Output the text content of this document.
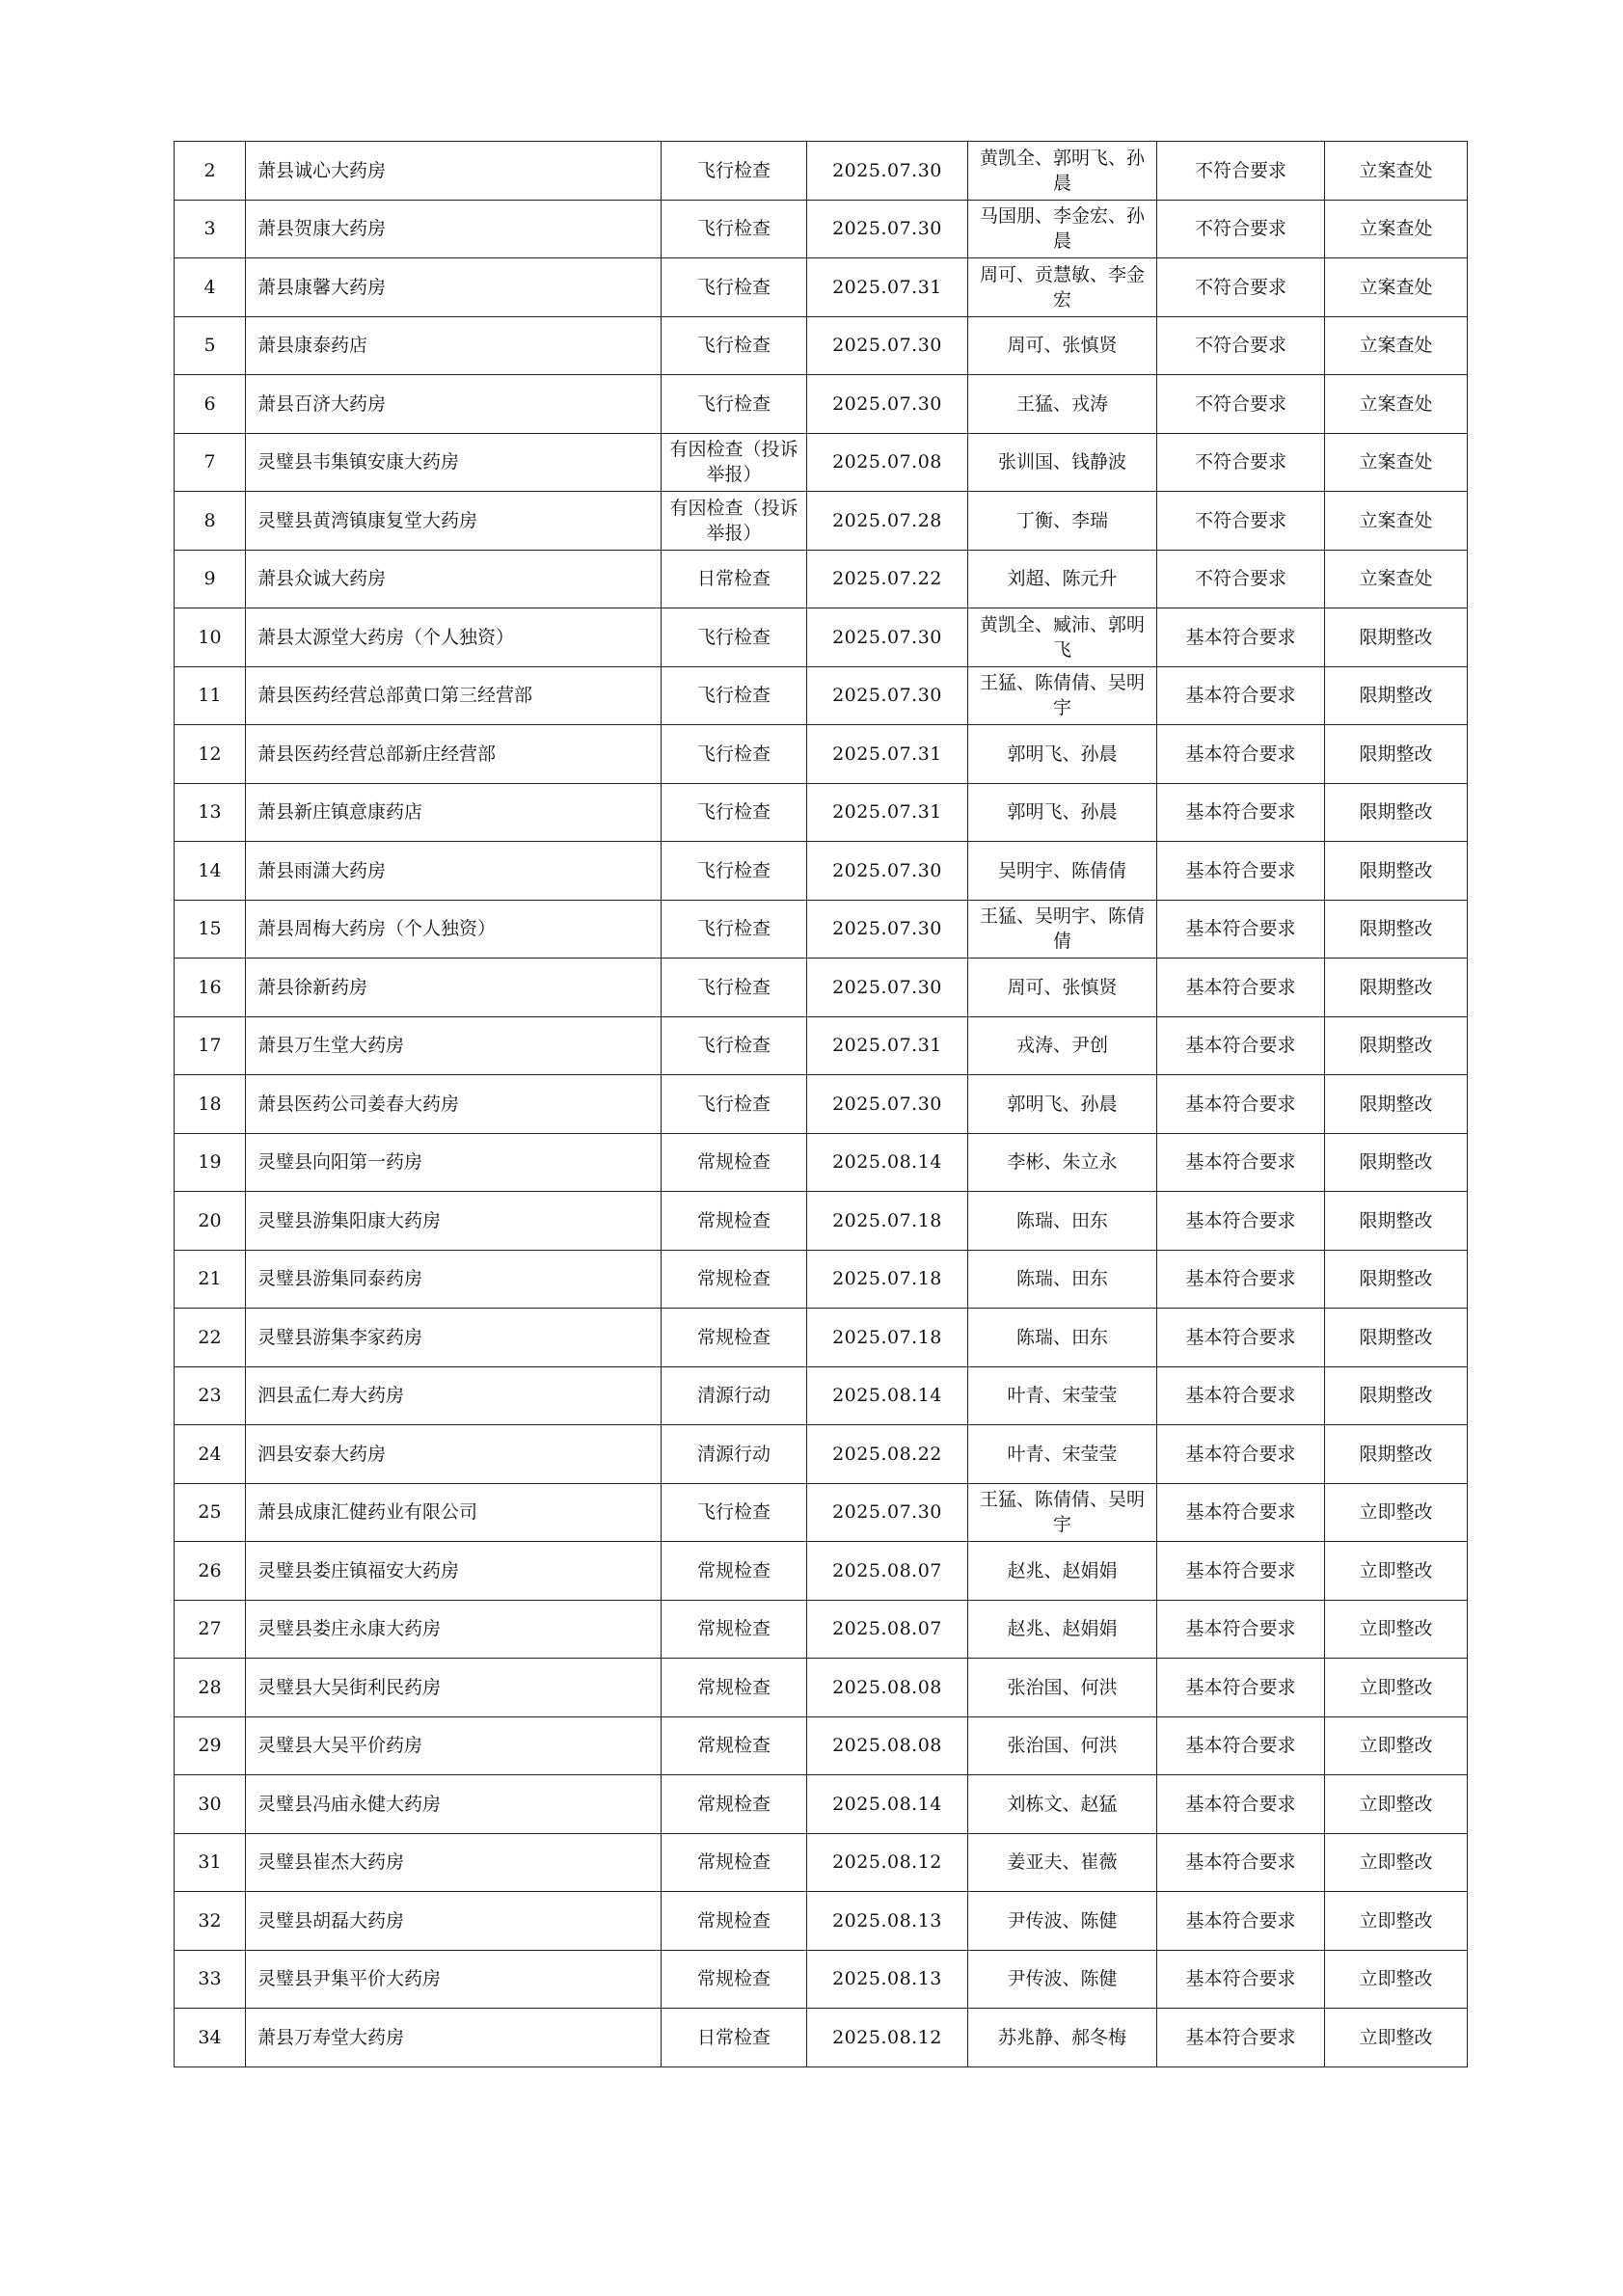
2	萧县诚心大药房	飞行检查	2025.07.30	黄凯全、郭明飞、孙晨	不符合要求	立案查处
3	萧县贺康大药房	飞行检查	2025.07.30	马国朋、李金宏、孙晨	不符合要求	立案查处
4	萧县康馨大药房	飞行检查	2025.07.31	周可、贡慧敏、李金宏	不符合要求	立案查处
5	萧县康泰药店	飞行检查	2025.07.30	周可、张慎贤	不符合要求	立案查处
6	萧县百济大药房	飞行检查	2025.07.30	王猛、戎涛	不符合要求	立案查处
7	灵璧县韦集镇安康大药房	有因检查（投诉举报）	2025.07.08	张训国、钱静波	不符合要求	立案查处
8	灵璧县黄湾镇康复堂大药房	有因检查（投诉举报）	2025.07.28	丁衡、李瑞	不符合要求	立案查处
9	萧县众诚大药房	日常检查	2025.07.22	刘超、陈元升	不符合要求	立案查处
10	萧县太源堂大药房（个人独资）	飞行检查	2025.07.30	黄凯全、臧沛、郭明飞	基本符合要求	限期整改
11	萧县医药经营总部黄口第三经营部	飞行检查	2025.07.30	王猛、陈倩倩、吴明宇	基本符合要求	限期整改
12	萧县医药经营总部新庄经营部	飞行检查	2025.07.31	郭明飞、孙晨	基本符合要求	限期整改
13	萧县新庄镇意康药店	飞行检查	2025.07.31	郭明飞、孙晨	基本符合要求	限期整改
14	萧县雨潇大药房	飞行检查	2025.07.30	吴明宇、陈倩倩	基本符合要求	限期整改
15	萧县周梅大药房（个人独资）	飞行检查	2025.07.30	王猛、吴明宇、陈倩倩	基本符合要求	限期整改
16	萧县徐新药房	飞行检查	2025.07.30	周可、张慎贤	基本符合要求	限期整改
17	萧县万生堂大药房	飞行检查	2025.07.31	戎涛、尹创	基本符合要求	限期整改
18	萧县医药公司姜春大药房	飞行检查	2025.07.30	郭明飞、孙晨	基本符合要求	限期整改
19	灵璧县向阳第一药房	常规检查	2025.08.14	李彬、朱立永	基本符合要求	限期整改
20	灵璧县游集阳康大药房	常规检查	2025.07.18	陈瑞、田东	基本符合要求	限期整改
21	灵璧县游集同泰药房	常规检查	2025.07.18	陈瑞、田东	基本符合要求	限期整改
22	灵璧县游集李家药房	常规检查	2025.07.18	陈瑞、田东	基本符合要求	限期整改
23	泗县孟仁寿大药房	清源行动	2025.08.14	叶青、宋莹莹	基本符合要求	限期整改
24	泗县安泰大药房	清源行动	2025.08.22	叶青、宋莹莹	基本符合要求	限期整改
25	萧县成康汇健药业有限公司	飞行检查	2025.07.30	王猛、陈倩倩、吴明宇	基本符合要求	立即整改
26	灵璧县娄庄镇福安大药房	常规检查	2025.08.07	赵兆、赵娟娟	基本符合要求	立即整改
27	灵璧县娄庄永康大药房	常规检查	2025.08.07	赵兆、赵娟娟	基本符合要求	立即整改
28	灵璧县大吴街利民药房	常规检查	2025.08.08	张治国、何洪	基本符合要求	立即整改
29	灵璧县大吴平价药房	常规检查	2025.08.08	张治国、何洪	基本符合要求	立即整改
30	灵璧县冯庙永健大药房	常规检查	2025.08.14	刘栋文、赵猛	基本符合要求	立即整改
31	灵璧县崔杰大药房	常规检查	2025.08.12	姜亚夫、崔薇	基本符合要求	立即整改
32	灵璧县胡磊大药房	常规检查	2025.08.13	尹传波、陈健	基本符合要求	立即整改
33	灵璧县尹集平价大药房	常规检查	2025.08.13	尹传波、陈健	基本符合要求	立即整改
34	萧县万寿堂大药房	日常检查	2025.08.12	苏兆静、郝冬梅	基本符合要求	立即整改
